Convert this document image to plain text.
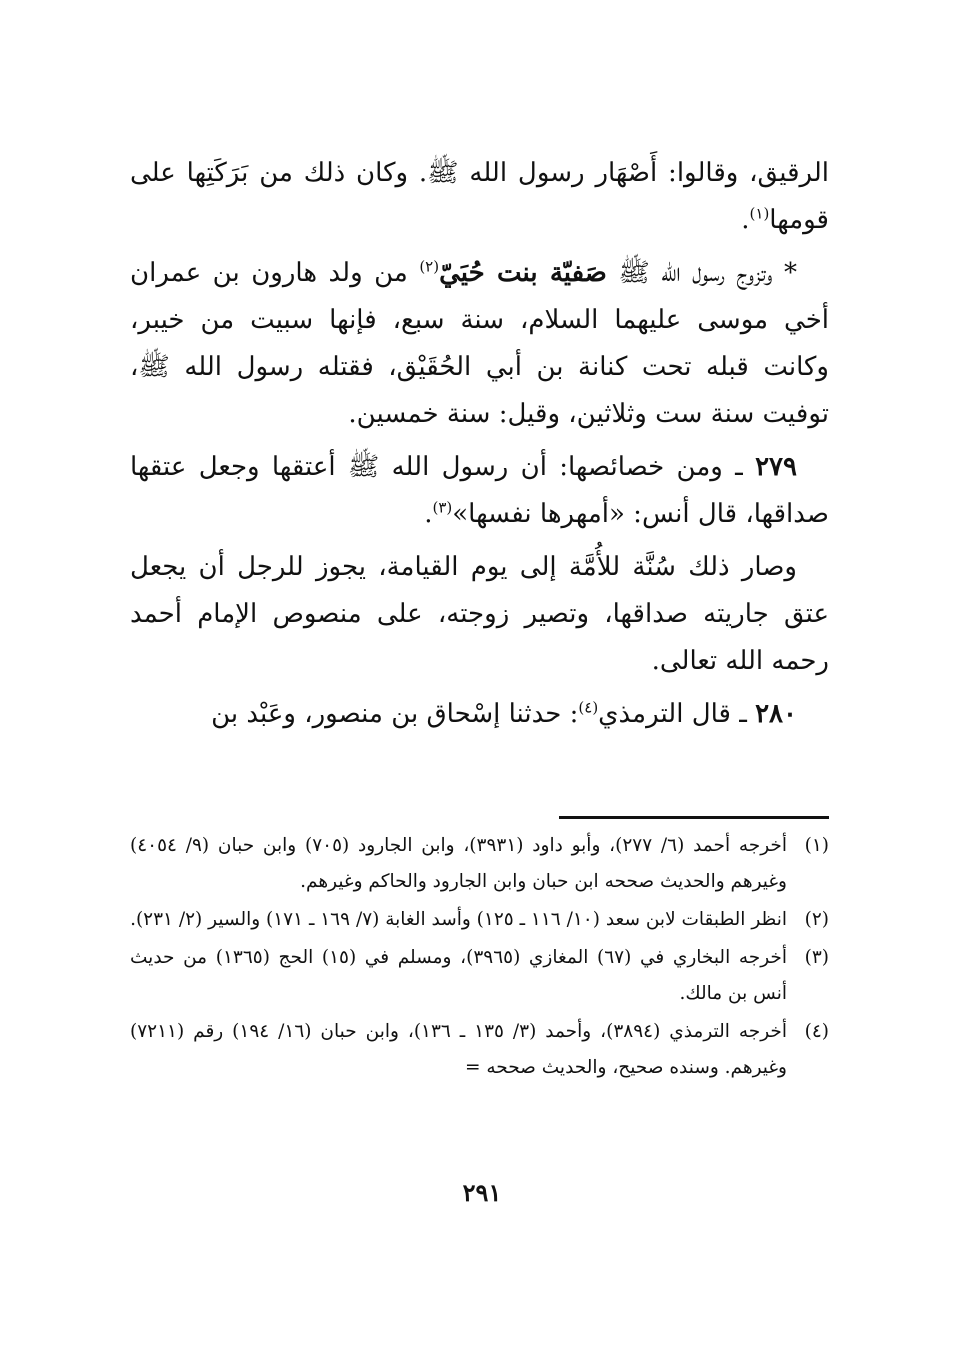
الرقيق، وقالوا: أَصْهَار رسول الله ﷺ. وكان ذلك من بَرَكَتِها على قومها$^{(١)}$.

* وتزوج رسول الله ﷺ صَفيّة بنت حُيَيّ$^{(٢)}$ من ولد هارون بن عمران أخي موسى عليهما السلام، سنة سبع، فإنها سبيت من خيبر، وكانت قبله تحت كنانة بن أبي الحُقَيْق، فقتله رسول الله ﷺ، توفيت سنة ست وثلاثين، وقيل: سنة خمسين.

٢٧٩ ـ ومن خصائصها: أن رسول الله ﷺ أعتقها وجعل عتقها صداقها، قال أنس: «أمهرها نفسها»$^{(٣)}$.

وصار ذلك سُنَّة للأُمَّة إلى يوم القيامة، يجوز للرجل أن يجعل عتق جاريته صداقها، وتصير زوجته، على منصوص الإمام أحمد رحمه الله تعالى.

٢٨٠ ـ قال الترمذي$^{(٤)}$: حدثنا إسْحاق بن منصور، وعَبْد بن

(١)
أخرجه أحمد (٦/ ٢٧٧)، وأبو داود (٣٩٣١)، وابن الجارود (٧٠٥) وابن حبان (٩/ ٤٠٥٤) وغيرهم والحديث صححه ابن حبان وابن الجارود والحاكم وغيرهم.
(٢)
انظر الطبقات لابن سعد (١٠/ ١١٦ ـ ١٢٥) وأسد الغابة (٧/ ١٦٩ ـ ١٧١) والسير (٢/ ٢٣١).
(٣)
أخرجه البخاري في (٦٧) المغازي (٣٩٦٥)، ومسلم في (١٥) الحج (١٣٦٥) من حديث أنس بن مالك.
(٤)
أخرجه الترمذي (٣٨٩٤)، وأحمد (٣/ ١٣٥ ـ ١٣٦)، وابن حبان (١٦/ ١٩٤) رقم (٧٢١١) وغيرهم. وسنده صحيح، والحديث صححه =
٢٩١
